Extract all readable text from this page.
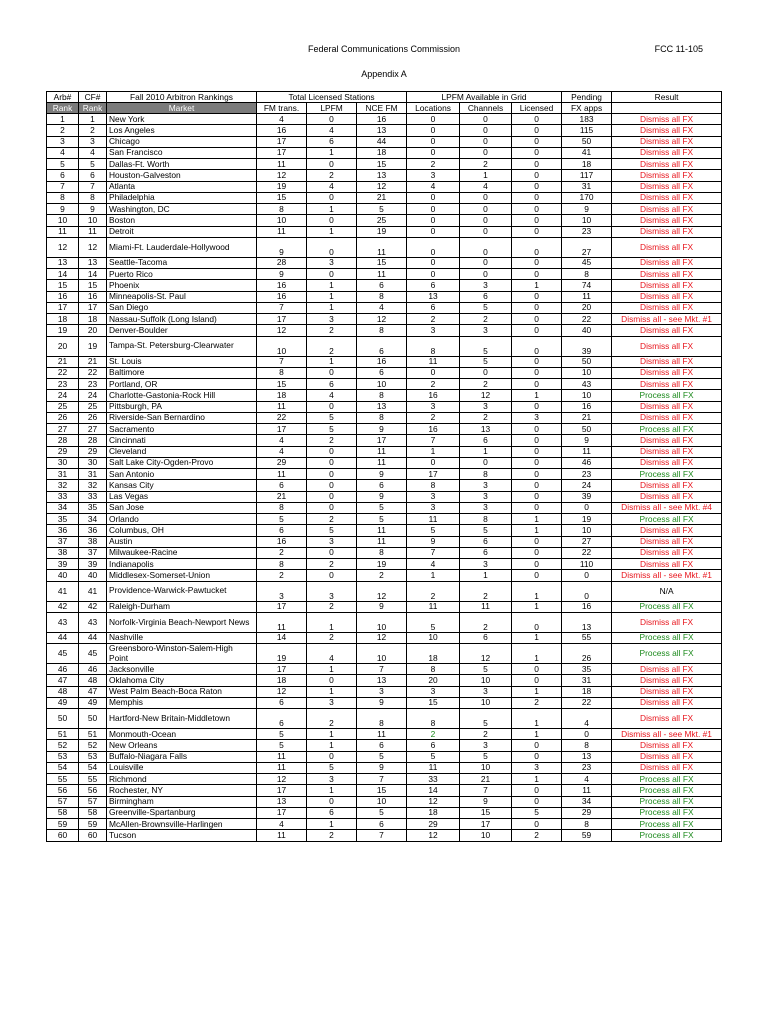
Federal Communications Commission	FCC 11-105
Appendix A
Arb#	CF#	Fall 2010 Arbitron Rankings	Total Licensed Stations			LPFM Available in Grid			Pending	Result
Rank	Rank	Market	FM trans.	LPFM	NCE FM	Locations	Channels	Licensed	FX apps	
1	1	New York	4	0	16	0	0	0	183	Dismiss all FX
2	2	Los Angeles	16	4	13	0	0	0	115	Dismiss all FX
3	3	Chicago	17	6	44	0	0	0	50	Dismiss all FX
4	4	San Francisco	17	1	18	0	0	0	41	Dismiss all FX
5	5	Dallas-Ft. Worth	11	0	15	2	2	0	18	Dismiss all FX
6	6	Houston-Galveston	12	2	13	3	1	0	117	Dismiss all FX
7	7	Atlanta	19	4	12	4	4	0	31	Dismiss all FX
8	8	Philadelphia	15	0	21	0	0	0	170	Dismiss all FX
9	9	Washington, DC	8	1	5	0	0	0	9	Dismiss all FX
10	10	Boston	10	0	25	0	0	0	10	Dismiss all FX
11	11	Detroit	11	1	19	0	0	0	23	Dismiss all FX
12	12	Miami-Ft. Lauderdale-Hollywood	9	0	11	0	0	0	27	Dismiss all FX
13	13	Seattle-Tacoma	28	3	15	0	0	0	45	Dismiss all FX
14	14	Puerto Rico	9	0	11	0	0	0	8	Dismiss all FX
15	15	Phoenix	16	1	6	6	3	1	74	Dismiss all FX
16	16	Minneapolis-St. Paul	16	1	8	13	6	0	11	Dismiss all FX
17	17	San Diego	7	1	4	6	5	0	20	Dismiss all FX
18	18	Nassau-Suffolk (Long Island)	17	3	12	2	2	0	22	Dismiss all - see Mkt. #1
19	20	Denver-Boulder	12	2	8	3	3	0	40	Dismiss all FX
20	19	Tampa-St. Petersburg-Clearwater	10	2	6	8	5	0	39	Dismiss all FX
21	21	St. Louis	7	1	16	11	5	0	50	Dismiss all FX
22	22	Baltimore	8	0	6	0	0	0	10	Dismiss all FX
23	23	Portland, OR	15	6	10	2	2	0	43	Dismiss all FX
24	24	Charlotte-Gastonia-Rock Hill	18	4	8	16	12	1	10	Process all FX
25	25	Pittsburgh, PA	11	0	13	3	3	0	16	Dismiss all FX
26	26	Riverside-San Bernardino	22	5	8	2	2	3	21	Dismiss all FX
27	27	Sacramento	17	5	9	16	13	0	50	Process all FX
28	28	Cincinnati	4	2	17	7	6	0	9	Dismiss all FX
29	29	Cleveland	4	0	11	1	1	0	11	Dismiss all FX
30	30	Salt Lake City-Ogden-Provo	29	0	11	0	0	0	46	Dismiss all FX
31	31	San Antonio	11	0	9	17	8	0	23	Process all FX
32	32	Kansas City	6	0	6	8	3	0	24	Dismiss all FX
33	33	Las Vegas	21	0	9	3	3	0	39	Dismiss all FX
34	35	San Jose	8	0	5	3	3	0	0	Dismiss all - see Mkt. #4
35	34	Orlando	5	2	5	11	8	1	19	Process all FX
36	36	Columbus, OH	6	5	11	5	5	1	10	Dismiss all FX
37	38	Austin	16	3	11	9	6	0	27	Dismiss all FX
38	37	Milwaukee-Racine	2	0	8	7	6	0	22	Dismiss all FX
39	39	Indianapolis	8	2	19	4	3	0	110	Dismiss all FX
40	40	Middlesex-Somerset-Union	2	0	2	1	1	0	0	Dismiss all - see Mkt. #1
41	41	Providence-Warwick-Pawtucket	3	3	12	2	2	1	0	N/A
42	42	Raleigh-Durham	17	2	9	11	11	1	16	Process all FX
43	43	Norfolk-Virginia Beach-Newport News	11	1	10	5	2	0	13	Dismiss all FX
44	44	Nashville	14	2	12	10	6	1	55	Process all FX
45	45	Greensboro-Winston-Salem-High Point	19	4	10	18	12	1	26	Process all FX
46	46	Jacksonville	17	1	7	8	5	0	35	Dismiss all FX
47	48	Oklahoma City	18	0	13	20	10	0	31	Dismiss all FX
48	47	West Palm Beach-Boca Raton	12	1	3	3	3	1	18	Dismiss all FX
49	49	Memphis	6	3	9	15	10	2	22	Dismiss all FX
50	50	Hartford-New Britain-Middletown	6	2	8	8	5	1	4	Dismiss all FX
51	51	Monmouth-Ocean	5	1	11	2	2	1	0	Dismiss all - see Mkt. #1
52	52	New Orleans	5	1	6	6	3	0	8	Dismiss all FX
53	53	Buffalo-Niagara Falls	11	0	5	5	5	0	13	Dismiss all FX
54	54	Louisville	11	5	9	11	10	3	23	Dismiss all FX
55	55	Richmond	12	3	7	33	21	1	4	Process all FX
56	56	Rochester, NY	17	1	15	14	7	0	11	Process all FX
57	57	Birmingham	13	0	10	12	9	0	34	Process all FX
58	58	Greenville-Spartanburg	17	6	5	18	15	5	29	Process all FX
59	59	McAllen-Brownsville-Harlingen	4	1	6	29	17	0	8	Process all FX
60	60	Tucson	11	2	7	12	10	2	59	Process all FX
